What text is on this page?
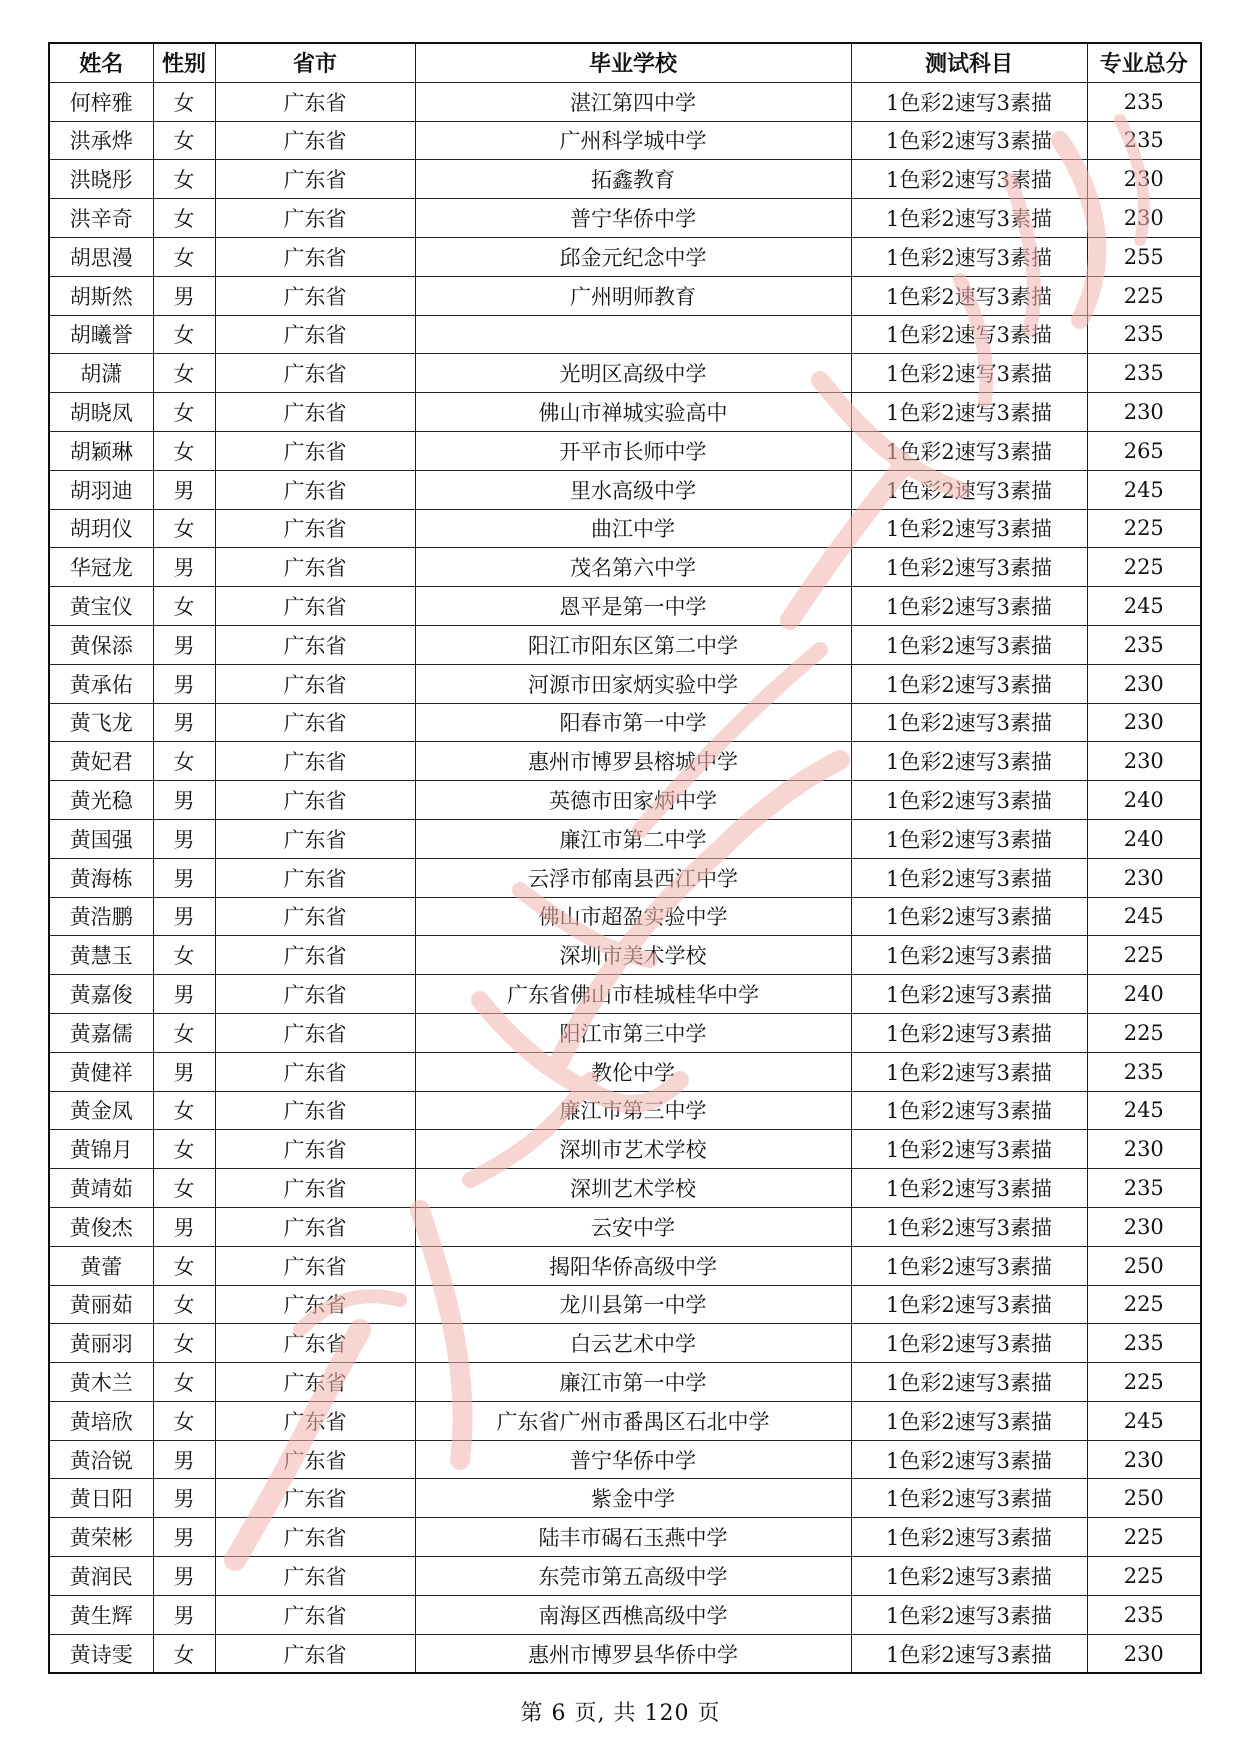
姓名	性别	省市	毕业学校	测试科目	专业总分
何梓雅	女	广东省	湛江第四中学	1色彩2速写3素描	235
洪承烨	女	广东省	广州科学城中学	1色彩2速写3素描	235
洪晓彤	女	广东省	拓鑫教育	1色彩2速写3素描	230
洪辛奇	女	广东省	普宁华侨中学	1色彩2速写3素描	230
胡思漫	女	广东省	邱金元纪念中学	1色彩2速写3素描	255
胡斯然	男	广东省	广州明师教育	1色彩2速写3素描	225
胡曦誉	女	广东省		1色彩2速写3素描	235
胡潇	女	广东省	光明区高级中学	1色彩2速写3素描	235
胡晓凤	女	广东省	佛山市禅城实验高中	1色彩2速写3素描	230
胡颖琳	女	广东省	开平市长师中学	1色彩2速写3素描	265
胡羽迪	男	广东省	里水高级中学	1色彩2速写3素描	245
胡玥仪	女	广东省	曲江中学	1色彩2速写3素描	225
华冠龙	男	广东省	茂名第六中学	1色彩2速写3素描	225
黄宝仪	女	广东省	恩平是第一中学	1色彩2速写3素描	245
黄保添	男	广东省	阳江市阳东区第二中学	1色彩2速写3素描	235
黄承佑	男	广东省	河源市田家炳实验中学	1色彩2速写3素描	230
黄飞龙	男	广东省	阳春市第一中学	1色彩2速写3素描	230
黄妃君	女	广东省	惠州市博罗县榕城中学	1色彩2速写3素描	230
黄光稳	男	广东省	英德市田家炳中学	1色彩2速写3素描	240
黄国强	男	广东省	廉江市第二中学	1色彩2速写3素描	240
黄海栋	男	广东省	云浮市郁南县西江中学	1色彩2速写3素描	230
黄浩鹏	男	广东省	佛山市超盈实验中学	1色彩2速写3素描	245
黄慧玉	女	广东省	深圳市美术学校	1色彩2速写3素描	225
黄嘉俊	男	广东省	广东省佛山市桂城桂华中学	1色彩2速写3素描	240
黄嘉儒	女	广东省	阳江市第三中学	1色彩2速写3素描	225
黄健祥	男	广东省	教伦中学	1色彩2速写3素描	235
黄金凤	女	广东省	廉江市第三中学	1色彩2速写3素描	245
黄锦月	女	广东省	深圳市艺术学校	1色彩2速写3素描	230
黄靖茹	女	广东省	深圳艺术学校	1色彩2速写3素描	235
黄俊杰	男	广东省	云安中学	1色彩2速写3素描	230
黄蕾	女	广东省	揭阳华侨高级中学	1色彩2速写3素描	250
黄丽茹	女	广东省	龙川县第一中学	1色彩2速写3素描	225
黄丽羽	女	广东省	白云艺术中学	1色彩2速写3素描	235
黄木兰	女	广东省	廉江市第一中学	1色彩2速写3素描	225
黄培欣	女	广东省	广东省广州市番禺区石北中学	1色彩2速写3素描	245
黄洽锐	男	广东省	普宁华侨中学	1色彩2速写3素描	230
黄日阳	男	广东省	紫金中学	1色彩2速写3素描	250
黄荣彬	男	广东省	陆丰市碣石玉燕中学	1色彩2速写3素描	225
黄润民	男	广东省	东莞市第五高级中学	1色彩2速写3素描	225
黄生辉	男	广东省	南海区西樵高级中学	1色彩2速写3素描	235
黄诗雯	女	广东省	惠州市博罗县华侨中学	1色彩2速写3素描	230
第 6 页, 共 120 页
